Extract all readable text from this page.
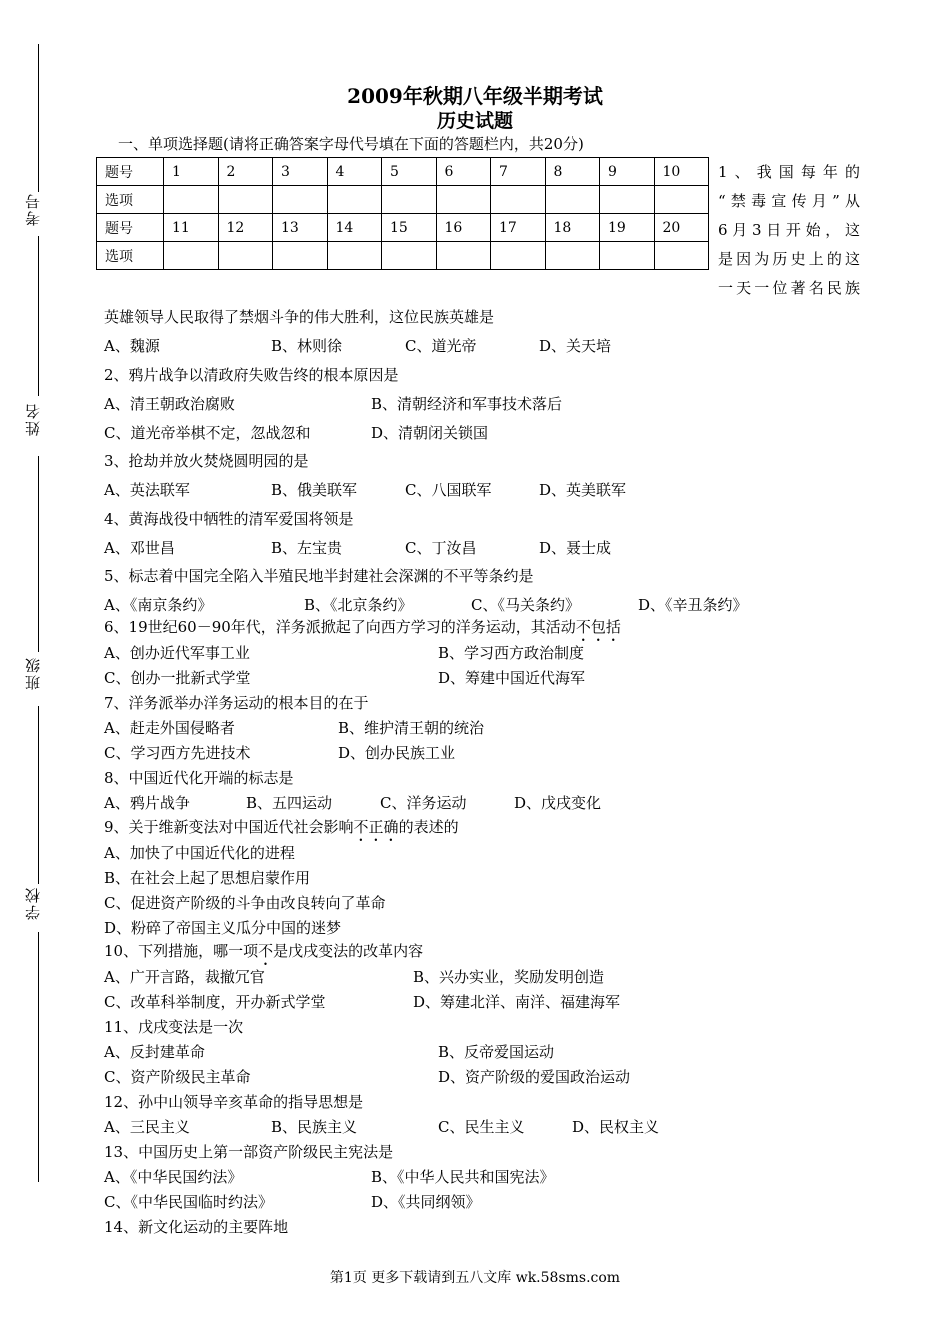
考号
姓名
班级
学校
2009年秋期八年级半期考试
历史试题
一、单项选择题(请将正确答案字母代号填在下面的答题栏内，共20分)
题号	1	2	3	4	5	6	7	8	9	10
选项										
题号	11	12	13	14	15	16	17	18	19	20
选项										
1、我国每年的
“禁毒宣传月”从
6月3日开始，这
是因为历史上的这
一天一位著名民族
英雄领导人民取得了禁烟斗争的伟大胜利，这位民族英雄是
A、魏源	B、林则徐	C、道光帝	D、关天培
2、鸦片战争以清政府失败告终的根本原因是
A、清王朝政治腐败	B、清朝经济和军事技术落后
C、道光帝举棋不定，忽战忽和	D、清朝闭关锁国
3、抢劫并放火焚烧圆明园的是
A、英法联军	B、俄美联军	C、八国联军	D、英美联军
4、黄海战役中牺牲的清军爱国将领是
A、邓世昌	B、左宝贵	C、丁汝昌	D、聂士成
5、标志着中国完全陷入半殖民地半封建社会深渊的不平等条约是
A、《南京条约》	B、《北京条约》	C、《马关条约》	D、《辛丑条约》
6、19世纪60－90年代，洋务派掀起了向西方学习的洋务运动，其活动不包括
A、创办近代军事工业	B、学习西方政治制度
C、创办一批新式学堂	D、筹建中国近代海军
7、洋务派举办洋务运动的根本目的在于
A、赶走外国侵略者	B、维护清王朝的统治
C、学习西方先进技术	D、创办民族工业
8、中国近代化开端的标志是
A、鸦片战争	B、五四运动	C、洋务运动	D、戊戌变化
9、关于维新变法对中国近代社会影响不正确的表述的
A、加快了中国近代化的进程
B、在社会上起了思想启蒙作用
C、促进资产阶级的斗争由改良转向了革命
D、粉碎了帝国主义瓜分中国的迷梦
10、下列措施，哪一项不是戊戌变法的改革内容
A、广开言路，裁撤冗官	B、兴办实业，奖励发明创造
C、改革科举制度，开办新式学堂	D、筹建北洋、南洋、福建海军
11、戊戌变法是一次
A、反封建革命	B、反帝爱国运动
C、资产阶级民主革命	D、资产阶级的爱国政治运动
12、孙中山领导辛亥革命的指导思想是
A、三民主义	B、民族主义	C、民生主义	D、民权主义
13、中国历史上第一部资产阶级民主宪法是
A、《中华民国约法》	B、《中华人民共和国宪法》
C、《中华民国临时约法》	D、《共同纲领》
14、新文化运动的主要阵地
第1页 更多下载请到五八文库 wk.58sms.com
